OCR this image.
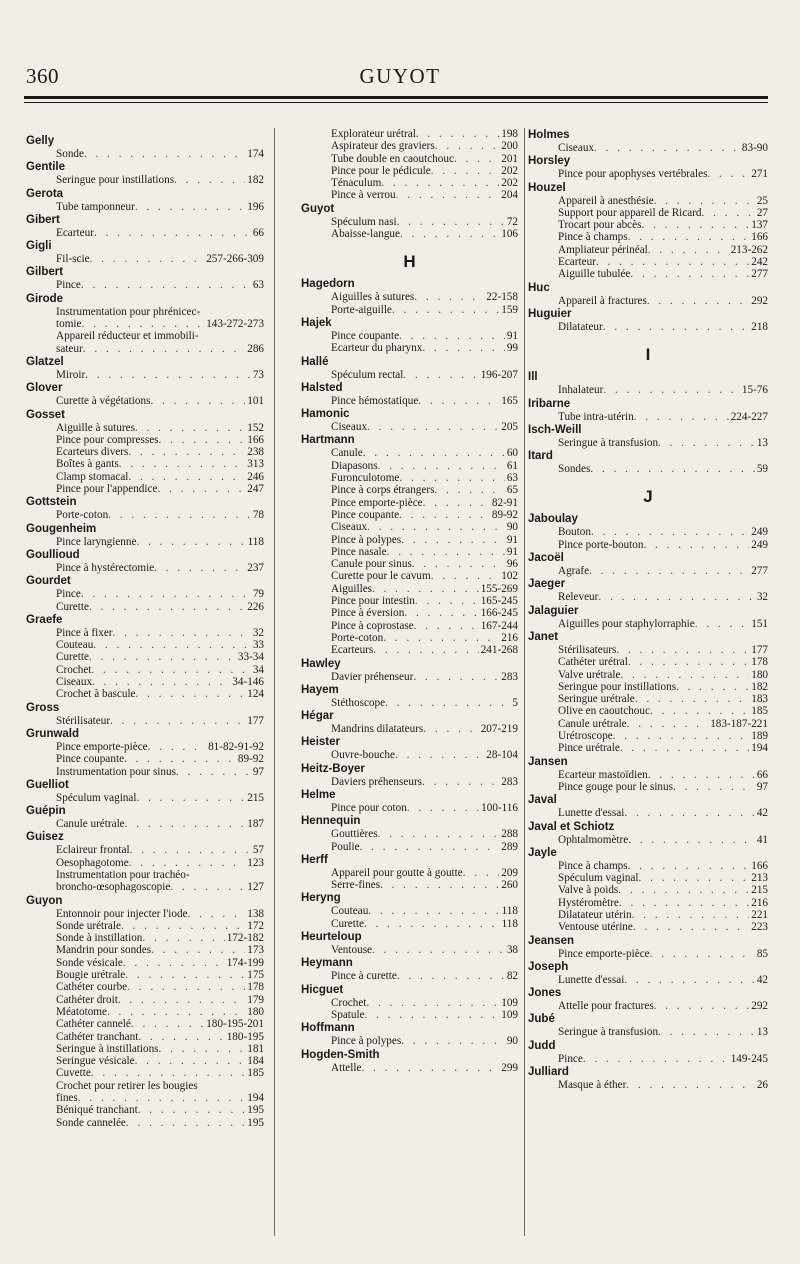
360	GUYOT
Gelly
Sonde . . .	174
Gentile
Seringue pour instillations . . .	182
Gerota
Tube tamponneur . . .	196
Gibert
Ecarteur . . .	66
Gigli
Fil-scie . . .	257-266-309
Gilbert
Pince . . .	63
Girode
Instrumentation pour phrénicec-
tomie . . .	143-272-273
Appareil réducteur et immobili-
sateur . . .	286
Glatzel
Miroir . . .	73
Glover
Curette à végétations . . .	101
Gosset
Aiguille à sutures . . .	152
Pince pour compresses . . .	166
Ecarteurs divers . . .	238
Boîtes à gants . . .	313
Clamp stomacal . . .	246
Pince pour l'appendice . . .	247
Gottstein
Porte-coton . . .	78
Gougenheim
Pince laryngienne . . .	118
Goullioud
Pince à hystérectomie . . .	237
Gourdet
Pince . . .	79
Curette . . .	226
Graefe
Pince à fixer . . .	32
Couteau . . .	33
Curette . . .	33-34
Crochet . . .	34
Ciseaux . . .	34-146
Crochet à bascule . . .	124
Gross
Stérilisateur . . .	177
Grunwald
Pince emporte-pièce . . .	81-82-91-92
Pince coupante . . .	89-92
Instrumentation pour sinus . . .	97
Guelliot
Spéculum vaginal . . .	215
Guépin
Canule urétrale . . .	187
Guisez
Eclaireur frontal . . .	57
Oesophagotome . . .	123
Instrumentation pour trachéo-
broncho-œsophagoscopie . . .	127
Guyon
Entonnoir pour injecter l'iode . . .	138
Sonde urétrale . . .	172
Sonde à instillation . . .	172-182
Mandrin pour sondes . . .	173
Sonde vésicale . . .	174-199
Bougie urétrale . . .	175
Cathéter courbe . . .	178
Cathéter droit . . .	179
Méatotome . . .	180
Cathéter cannelé . . .	180-195-201
Cathéter tranchant . . .	180-195
Seringue à instillations . . .	181
Seringue vésicale . . .	184
Cuvette . . .	185
Crochet pour retirer les bougies
fines . . .	194
Béniqué tranchant . . .	195
Sonde cannelée . . .	195
Explorateur urétral . . .	198
Aspirateur des graviers . . .	200
Tube double en caoutchouc . . .	201
Pince pour le pédicule . . .	202
Ténaculum . . .	202
Pince à verrou . . .	204
Guyot
Spéculum nasi . . .	72
Abaisse-langue . . .	106
H
Hagedorn
Aiguilles à sutures . . .	22-158
Porte-aiguille . . .	159
Hajek
Pince coupante . . .	91
Ecarteur du pharynx . . .	99
Hallé
Spéculum rectal . . .	196-207
Halsted
Pince hémostatique . . .	165
Hamonic
Ciseaux . . .	205
Hartmann
Canule . . .	60
Diapasons . . .	61
Furonculotome . . .	63
Pince à corps étrangers . . .	65
Pince emporte-pièce . . .	82-91
Pince coupante . . .	89-92
Ciseaux . . .	90
Pince à polypes . . .	91
Pince nasale . . .	91
Canule pour sinus . . .	96
Curette pour le cavum . . .	102
Aiguilles . . .	155-269
Pince pour intestin . . .	165-245
Pince à éversion . . .	166-245
Pince à coprostase . . .	167-244
Porte-coton . . .	216
Ecarteurs . . .	241-268
Hawley
Davier préhenseur . . .	283
Hayem
Stéthoscope . . .	5
Hégar
Mandrins dilatateurs . . .	207-219
Heister
Ouvre-bouche . . .	28-104
Heitz-Boyer
Daviers préhenseurs . . .	283
Helme
Pince pour coton . . .	100-116
Hennequin
Gouttières . . .	288
Poulie . . .	289
Herff
Appareil pour goutte à goutte . . .	209
Serre-fines . . .	260
Heryng
Couteau . . .	118
Curette . . .	118
Heurteloup
Ventouse . . .	38
Heymann
Pince à curette . . .	82
Hicguet
Crochet . . .	109
Spatule . . .	109
Hoffmann
Pince à polypes . . .	90
Hogden-Smith
Attelle . . .	299
Holmes
Ciseaux . . .	83-90
Horsley
Pince pour apophyses vertébrales . . .	271
Houzel
Appareil à anesthésie . . .	25
Support pour appareil de Ricard . . .	27
Trocart pour abcès . . .	137
Pince à champs . . .	166
Ampliateur périnéal . . .	213-262
Ecarteur . . .	242
Aiguille tubulée . . .	277
Huc
Appareil à fractures . . .	292
Huguier
Dilatateur . . .	218
I
Ill
Inhalateur . . .	15-76
Iribarne
Tube intra-utérin . . .	224-227
Isch-Weill
Seringue à transfusion . . .	13
Itard
Sondes . . .	59
J
Jaboulay
Bouton . . .	249
Pince porte-bouton . . .	249
Jacoël
Agrafe . . .	277
Jaeger
Releveur . . .	32
Jalaguier
Aiguilles pour staphylorraphie . . .	151
Janet
Stérilisateurs . . .	177
Cathéter urétral . . .	178
Valve urétrale . . .	180
Seringue pour instillations . . .	182
Seringue urétrale . . .	183
Olive en caoutchouc . . .	185
Canule urétrale . . .	183-187-221
Urétroscope . . .	189
Pince urétrale . . .	194
Jansen
Ecarteur mastoïdien . . .	66
Pince gouge pour le sinus . . .	97
Javal
Lunette d'essai . . .	42
Javal et Schiotz
Ophtalmomètre . . .	41
Jayle
Pince à champs . . .	166
Spéculum vaginal . . .	213
Valve à poids . . .	215
Hystéromètre . . .	216
Dilatateur utérin . . .	221
Ventouse utérine . . .	223
Jeansen
Pince emporte-pièce . . .	85
Joseph
Lunette d'essai . . .	42
Jones
Attelle pour fractures . . .	292
Jubé
Seringue à transfusion . . .	13
Judd
Pince . . .	149-245
Julliard
Masque à éther . . .	26
